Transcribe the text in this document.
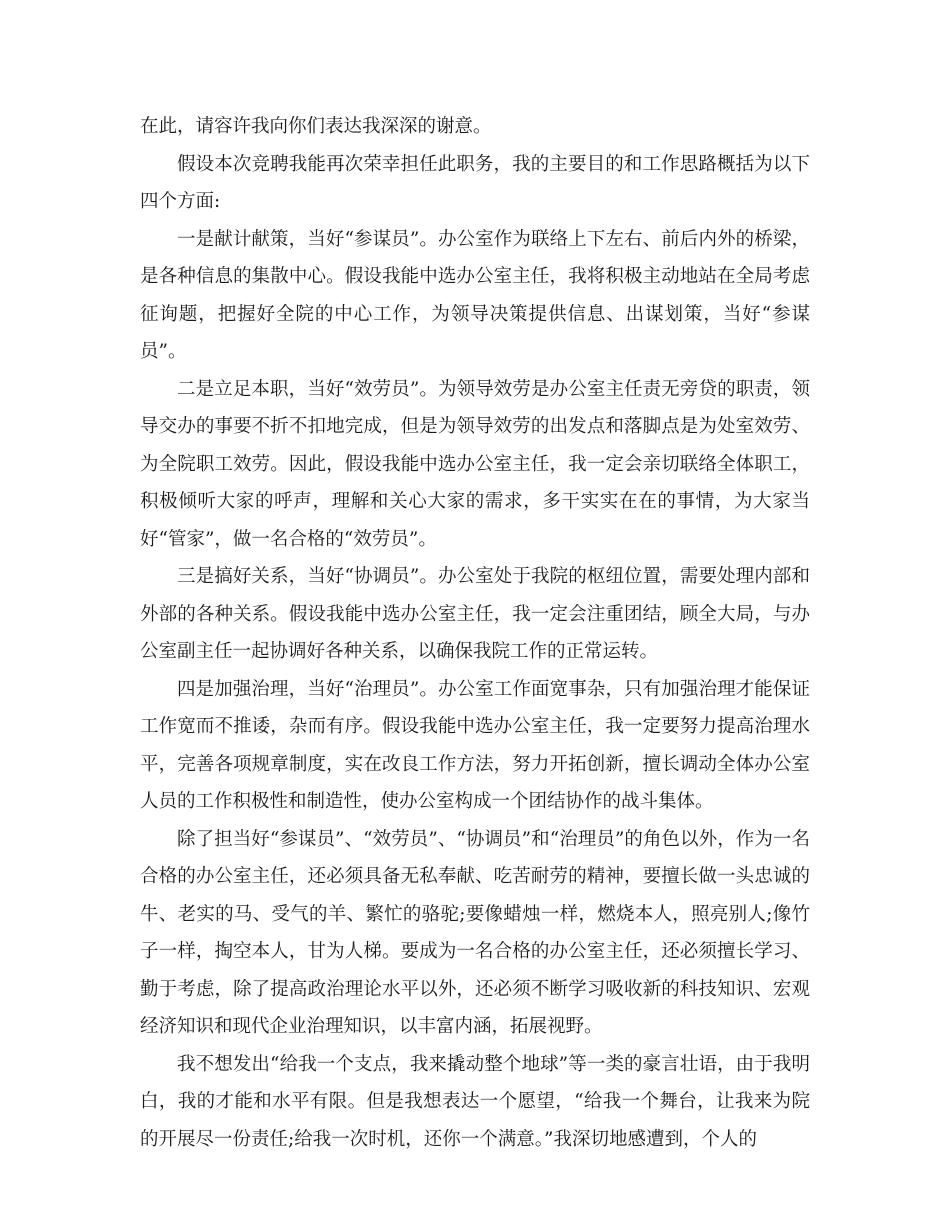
在此，请容许我向你们表达我深深的谢意。

假设本次竞聘我能再次荣幸担任此职务，我的主要目的和工作思路概括为以下四个方面:

一是献计献策，当好“参谋员”。办公室作为联络上下左右、前后内外的桥梁，是各种信息的集散中心。假设我能中选办公室主任，我将积极主动地站在全局考虑征询题，把握好全院的中心工作，为领导决策提供信息、出谋划策，当好“参谋员”。

二是立足本职，当好“效劳员”。为领导效劳是办公室主任责无旁贷的职责，领导交办的事要不折不扣地完成，但是为领导效劳的出发点和落脚点是为处室效劳、为全院职工效劳。因此，假设我能中选办公室主任，我一定会亲切联络全体职工，积极倾听大家的呼声，理解和关心大家的需求，多干实实在在的事情，为大家当好“管家”，做一名合格的“效劳员”。

三是搞好关系，当好“协调员”。办公室处于我院的枢纽位置，需要处理内部和外部的各种关系。假设我能中选办公室主任，我一定会注重团结，顾全大局，与办公室副主任一起协调好各种关系，以确保我院工作的正常运转。

四是加强治理，当好“治理员”。办公室工作面宽事杂，只有加强治理才能保证工作宽而不推诿，杂而有序。假设我能中选办公室主任，我一定要努力提高治理水平，完善各项规章制度，实在改良工作方法，努力开拓创新，擅长调动全体办公室人员的工作积极性和制造性，使办公室构成一个团结协作的战斗集体。

除了担当好“参谋员”、“效劳员”、“协调员”和“治理员”的角色以外，作为一名合格的办公室主任，还必须具备无私奉献、吃苦耐劳的精神，要擅长做一头忠诚的牛、老实的马、受气的羊、繁忙的骆驼;要像蜡烛一样，燃烧本人，照亮别人;像竹子一样，掏空本人，甘为人梯。要成为一名合格的办公室主任，还必须擅长学习、勤于考虑，除了提高政治理论水平以外，还必须不断学习吸收新的科技知识、宏观经济知识和现代企业治理知识，以丰富内涵，拓展视野。

我不想发出“给我一个支点，我来撬动整个地球”等一类的豪言壮语，由于我明白，我的才能和水平有限。但是我想表达一个愿望，“给我一个舞台，让我来为院的开展尽一份责任;给我一次时机，还你一个满意。”我深切地感遭到，个人的
